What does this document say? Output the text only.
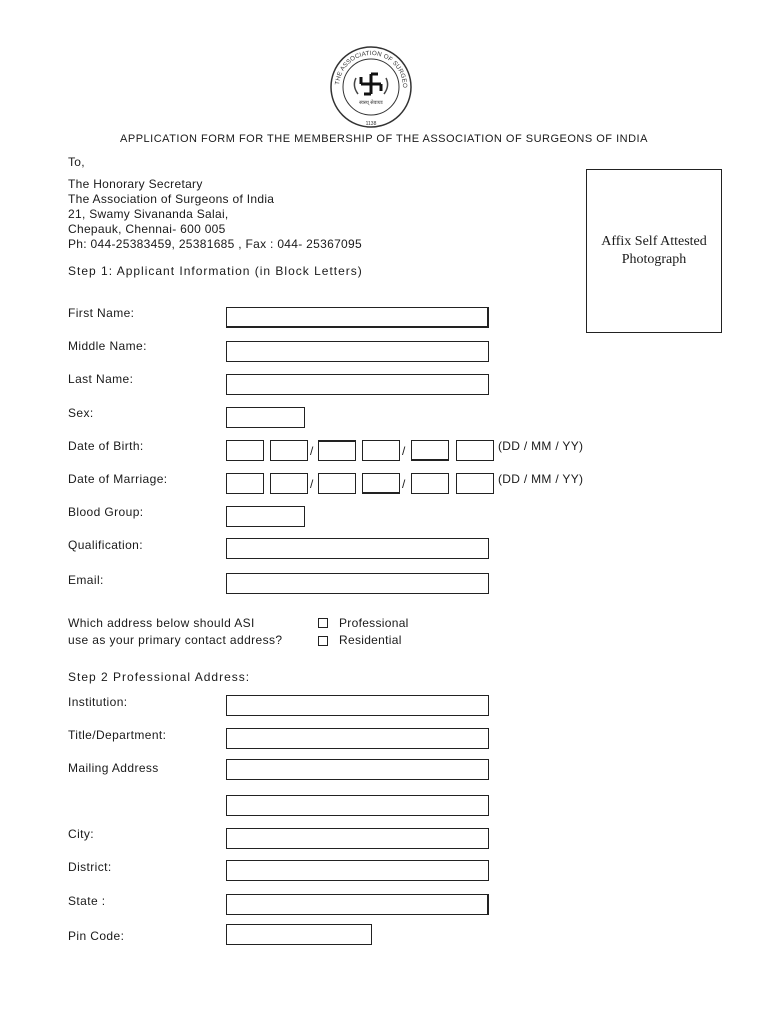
THE ASSOCIATION OF SURGEO
स्वस्थ् सेवायाः
1138
APPLICATION FORM FOR THE MEMBERSHIP OF THE ASSOCIATION OF SURGEONS OF INDIA
To,
The Honorary Secretary
The Association of Surgeons of India
21, Swamy Sivananda Salai,
Chepauk, Chennai- 600 005
Ph: 044-25383459, 25381685 , Fax : 044- 25367095	Affix Self Attested
Photograph
Step 1: Applicant Information (in Block Letters)
First Name:
Middle Name:
Last Name:
Sex:
Date of Birth:	/	/	(DD / MM / YY)
Date of Marriage:	/	/	(DD / MM / YY)
Blood Group:
Qualification:
Email:
Which address below should ASI
use as your primary contact address?
Professional
Residential
Step 2 Professional Address:
Institution:
Title/Department:
Mailing Address
City:
District:
State :
Pin Code:
